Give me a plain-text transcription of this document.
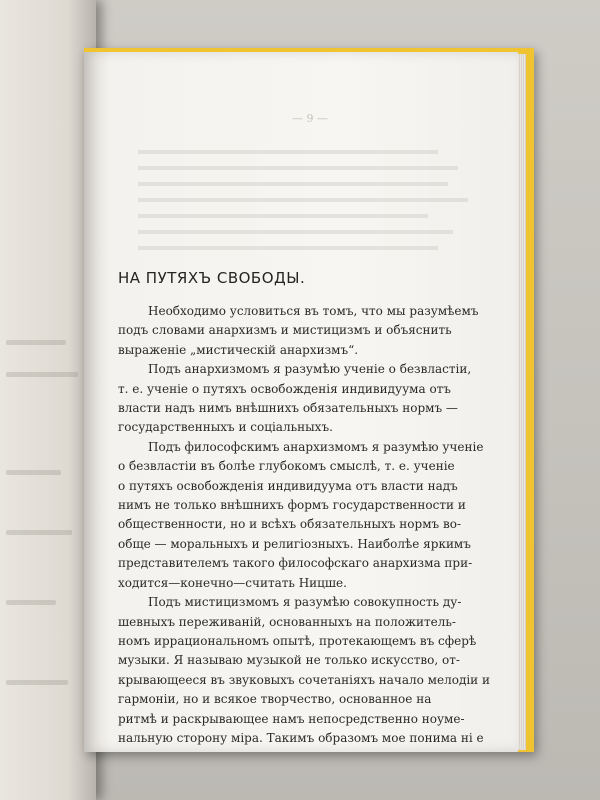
— 9 —
НА ПУТЯХЪ СВОБОДЫ.
Необходимо условиться въ томъ, что мы разумѣемъ
подъ словами анархизмъ и мистицизмъ и объяснить
выраженіе „мистическій анархизмъ“.
Подъ анархизмомъ я разумѣю ученіе о безвластіи,
т. е. ученіе о путяхъ освобожденія индивидуума отъ
власти надъ нимъ внѣшнихъ обязательныхъ нормъ —
государственныхъ и соціальныхъ.
Подъ философскимъ анархизмомъ я разумѣю ученіе
о безвластіи въ болѣе глубокомъ смыслѣ, т. е. ученіе
о путяхъ освобожденія индивидуума отъ власти надъ
нимъ не только внѣшнихъ формъ государственности и
общественности, но и всѣхъ обязательныхъ нормъ во-
обще — моральныхъ и религіозныхъ. Наиболѣе яркимъ
представителемъ такого философскаго анархизма при-
ходится—конечно—считать Ницше.
Подъ мистицизмомъ я разумѣю совокупность ду-
шевныхъ переживаній, основанныхъ на положитель-
номъ иррациональномъ опытѣ, протекающемъ въ сферѣ
музыки. Я называю музыкой не только искусство, от-
крывающееся въ звуковыхъ сочетаніяхъ начало мелодіи и
гармоніи, но и всякое творчество, основанное на
ритмѣ и раскрывающее намъ непосредственно ноуме-
нальную сторону міра. Такимъ образомъ мое понима ні е
